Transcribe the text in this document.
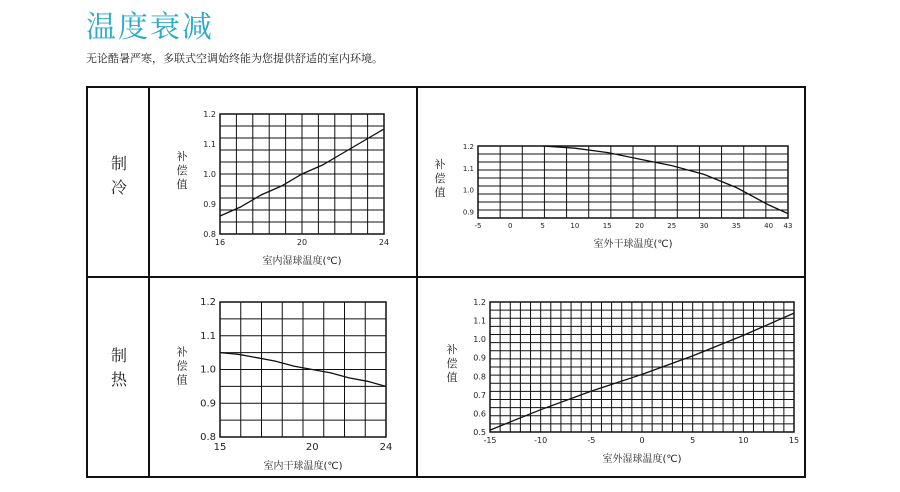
温度衰减
无论酷暑严寒，多联式空调始终能为您提供舒适的室内环境。
制冷
制热
0.8
0.9
1.0
1.1
1.2
16	20	24
补
偿
值
室内湿球温度(℃)
0.9
1.0
1.1
1.2
-5	0	5	10	15	20	25	30	35	40 43
补
偿
值
室外干球温度(℃)
0.8
0.9
1.0
1.1
1.2
15	20	24
补
偿
值
室内干球温度(℃)
0.5
0.6
0.7
0.8
0.9
1.0
1.1
1.2
-15	-10	-5	0	5	10	15
补
偿
值
室外湿球温度(℃)
